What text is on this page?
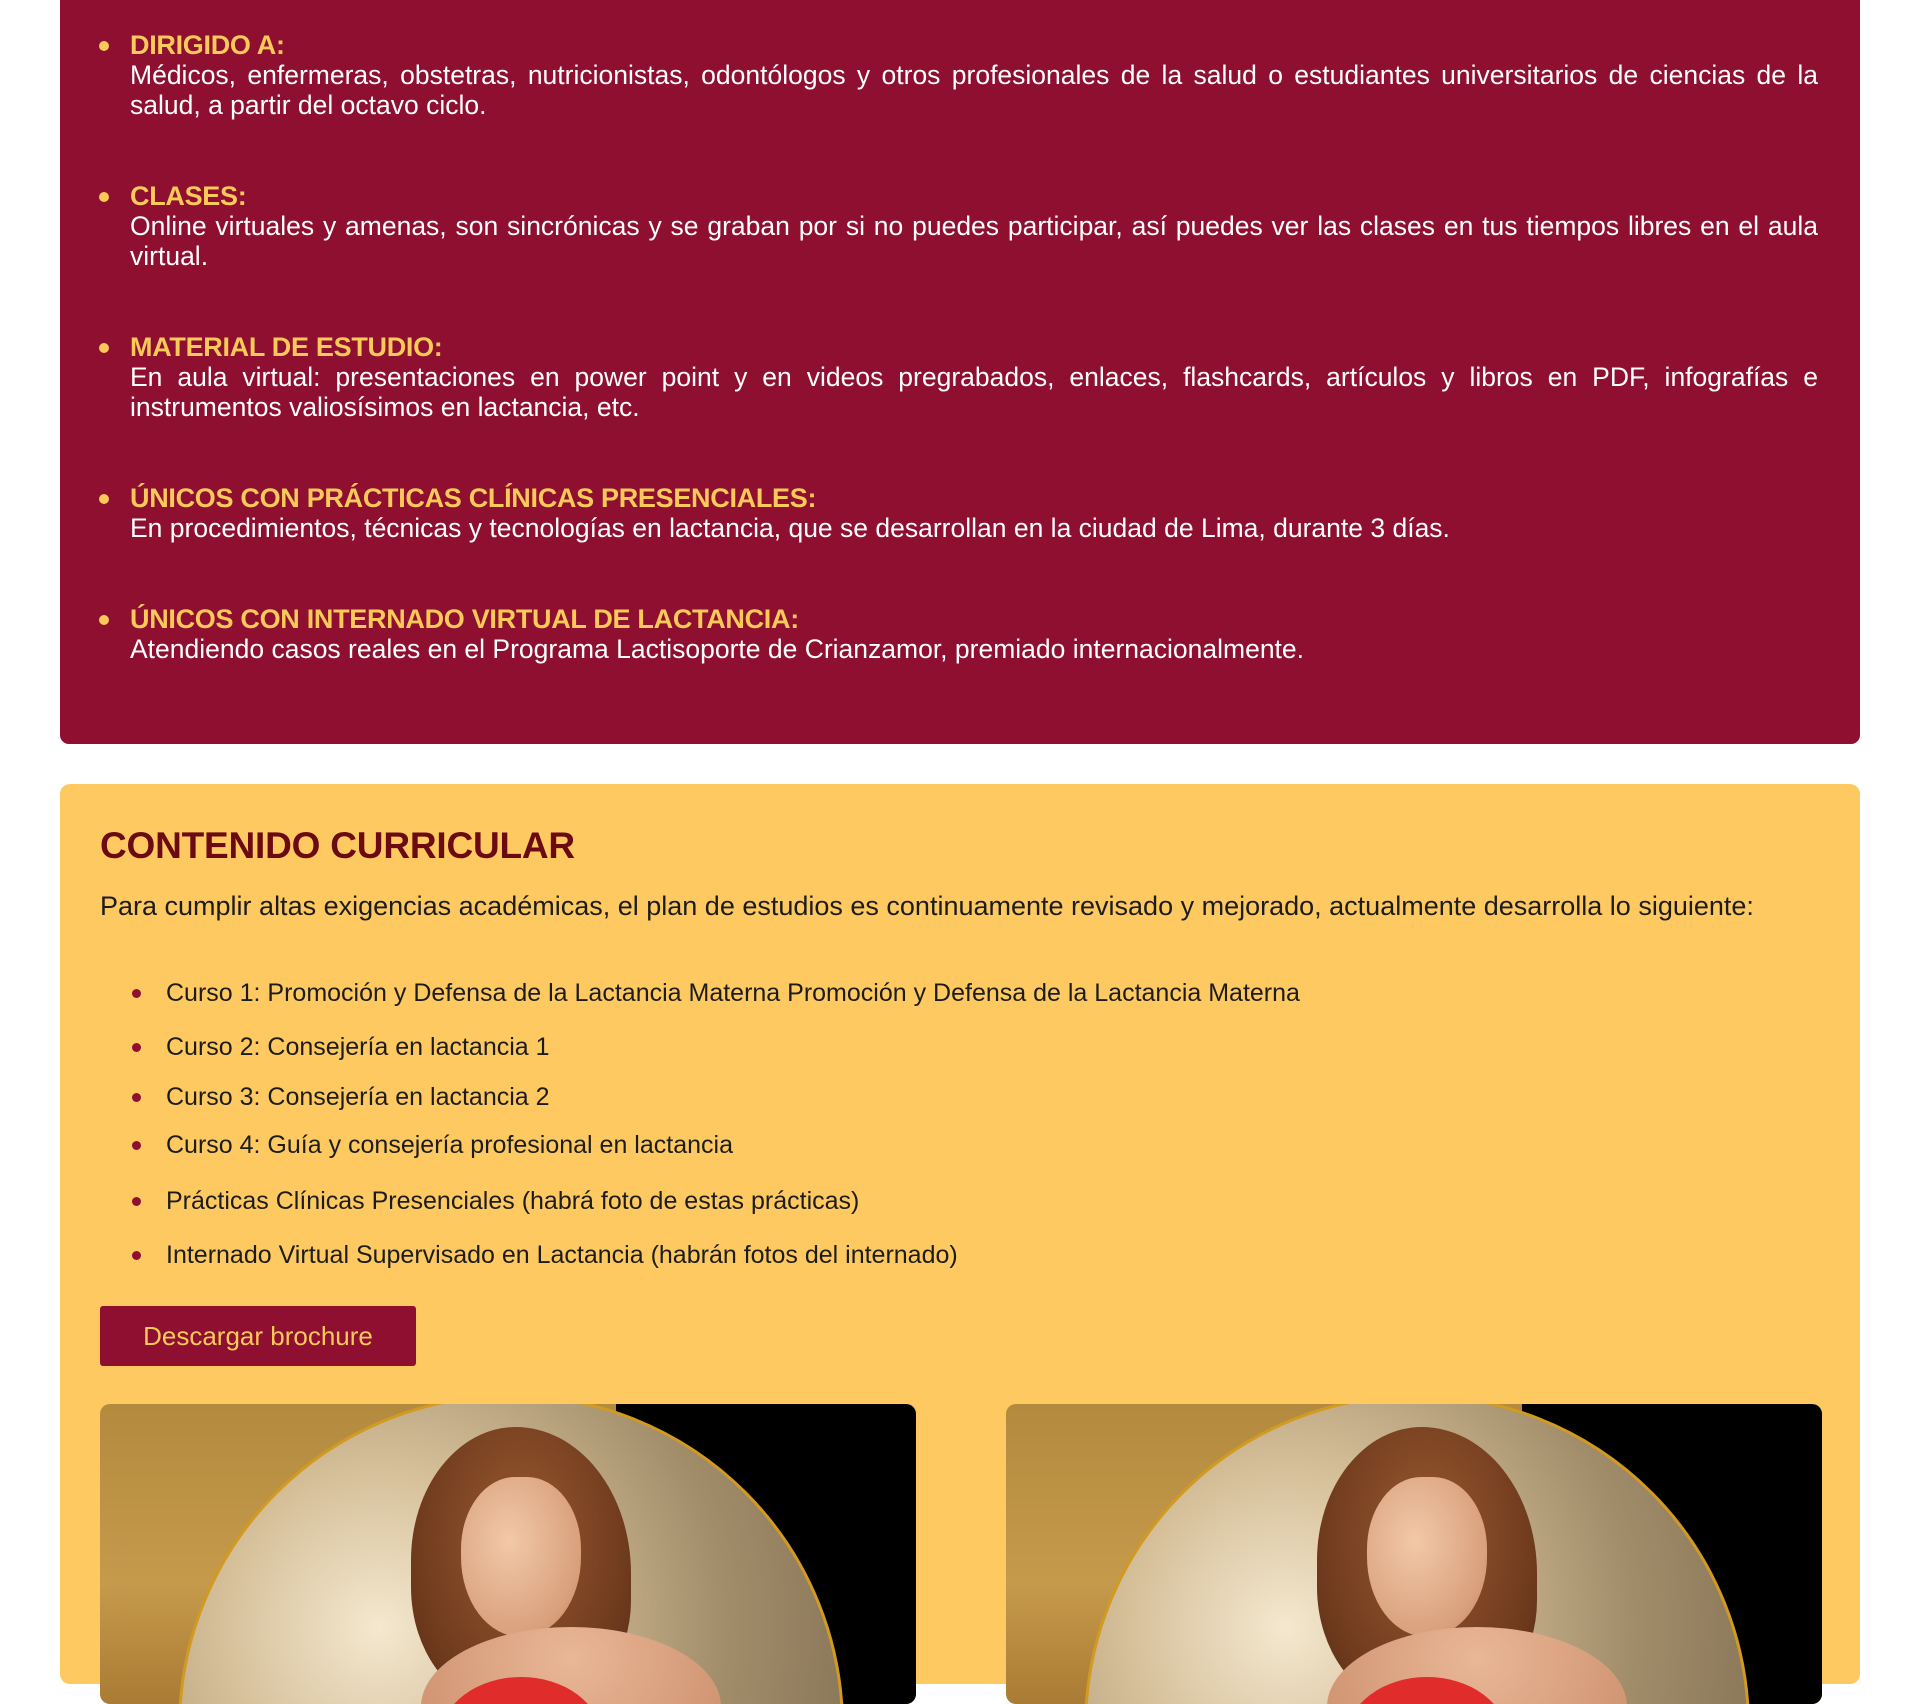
DIRIGIDO A:
Médicos, enfermeras, obstetras, nutricionistas, odontólogos y otros profesionales de la salud o estudiantes universitarios de ciencias de la salud, a partir del octavo ciclo.
CLASES:
Online virtuales y amenas, son sincrónicas y se graban por si no puedes participar, así puedes ver las clases en tus tiempos libres en el aula virtual.
MATERIAL DE ESTUDIO:
En aula virtual: presentaciones en power point y en videos pregrabados, enlaces, flashcards, artículos y libros en PDF, infografías e instrumentos valiosísimos en lactancia, etc.
ÚNICOS CON PRÁCTICAS CLÍNICAS PRESENCIALES:
En procedimientos, técnicas y tecnologías en lactancia, que se desarrollan en la ciudad de Lima, durante 3 días.
ÚNICOS CON INTERNADO VIRTUAL DE LACTANCIA:
Atendiendo casos reales en el Programa Lactisoporte de Crianzamor, premiado internacionalmente.
CONTENIDO CURRICULAR

Para cumplir altas exigencias académicas, el plan de estudios es continuamente revisado y mejorado, actualmente desarrolla lo siguiente:

Curso 1: Promoción y Defensa de la Lactancia Materna Promoción y Defensa de la Lactancia Materna
Curso 2: Consejería en lactancia 1
Curso 3: Consejería en lactancia 2
Curso 4: Guía y consejería profesional en lactancia
Prácticas Clínicas Presenciales (habrá foto de estas prácticas)
Internado Virtual Supervisado en Lactancia (habrán fotos del internado)
Descargar brochure
